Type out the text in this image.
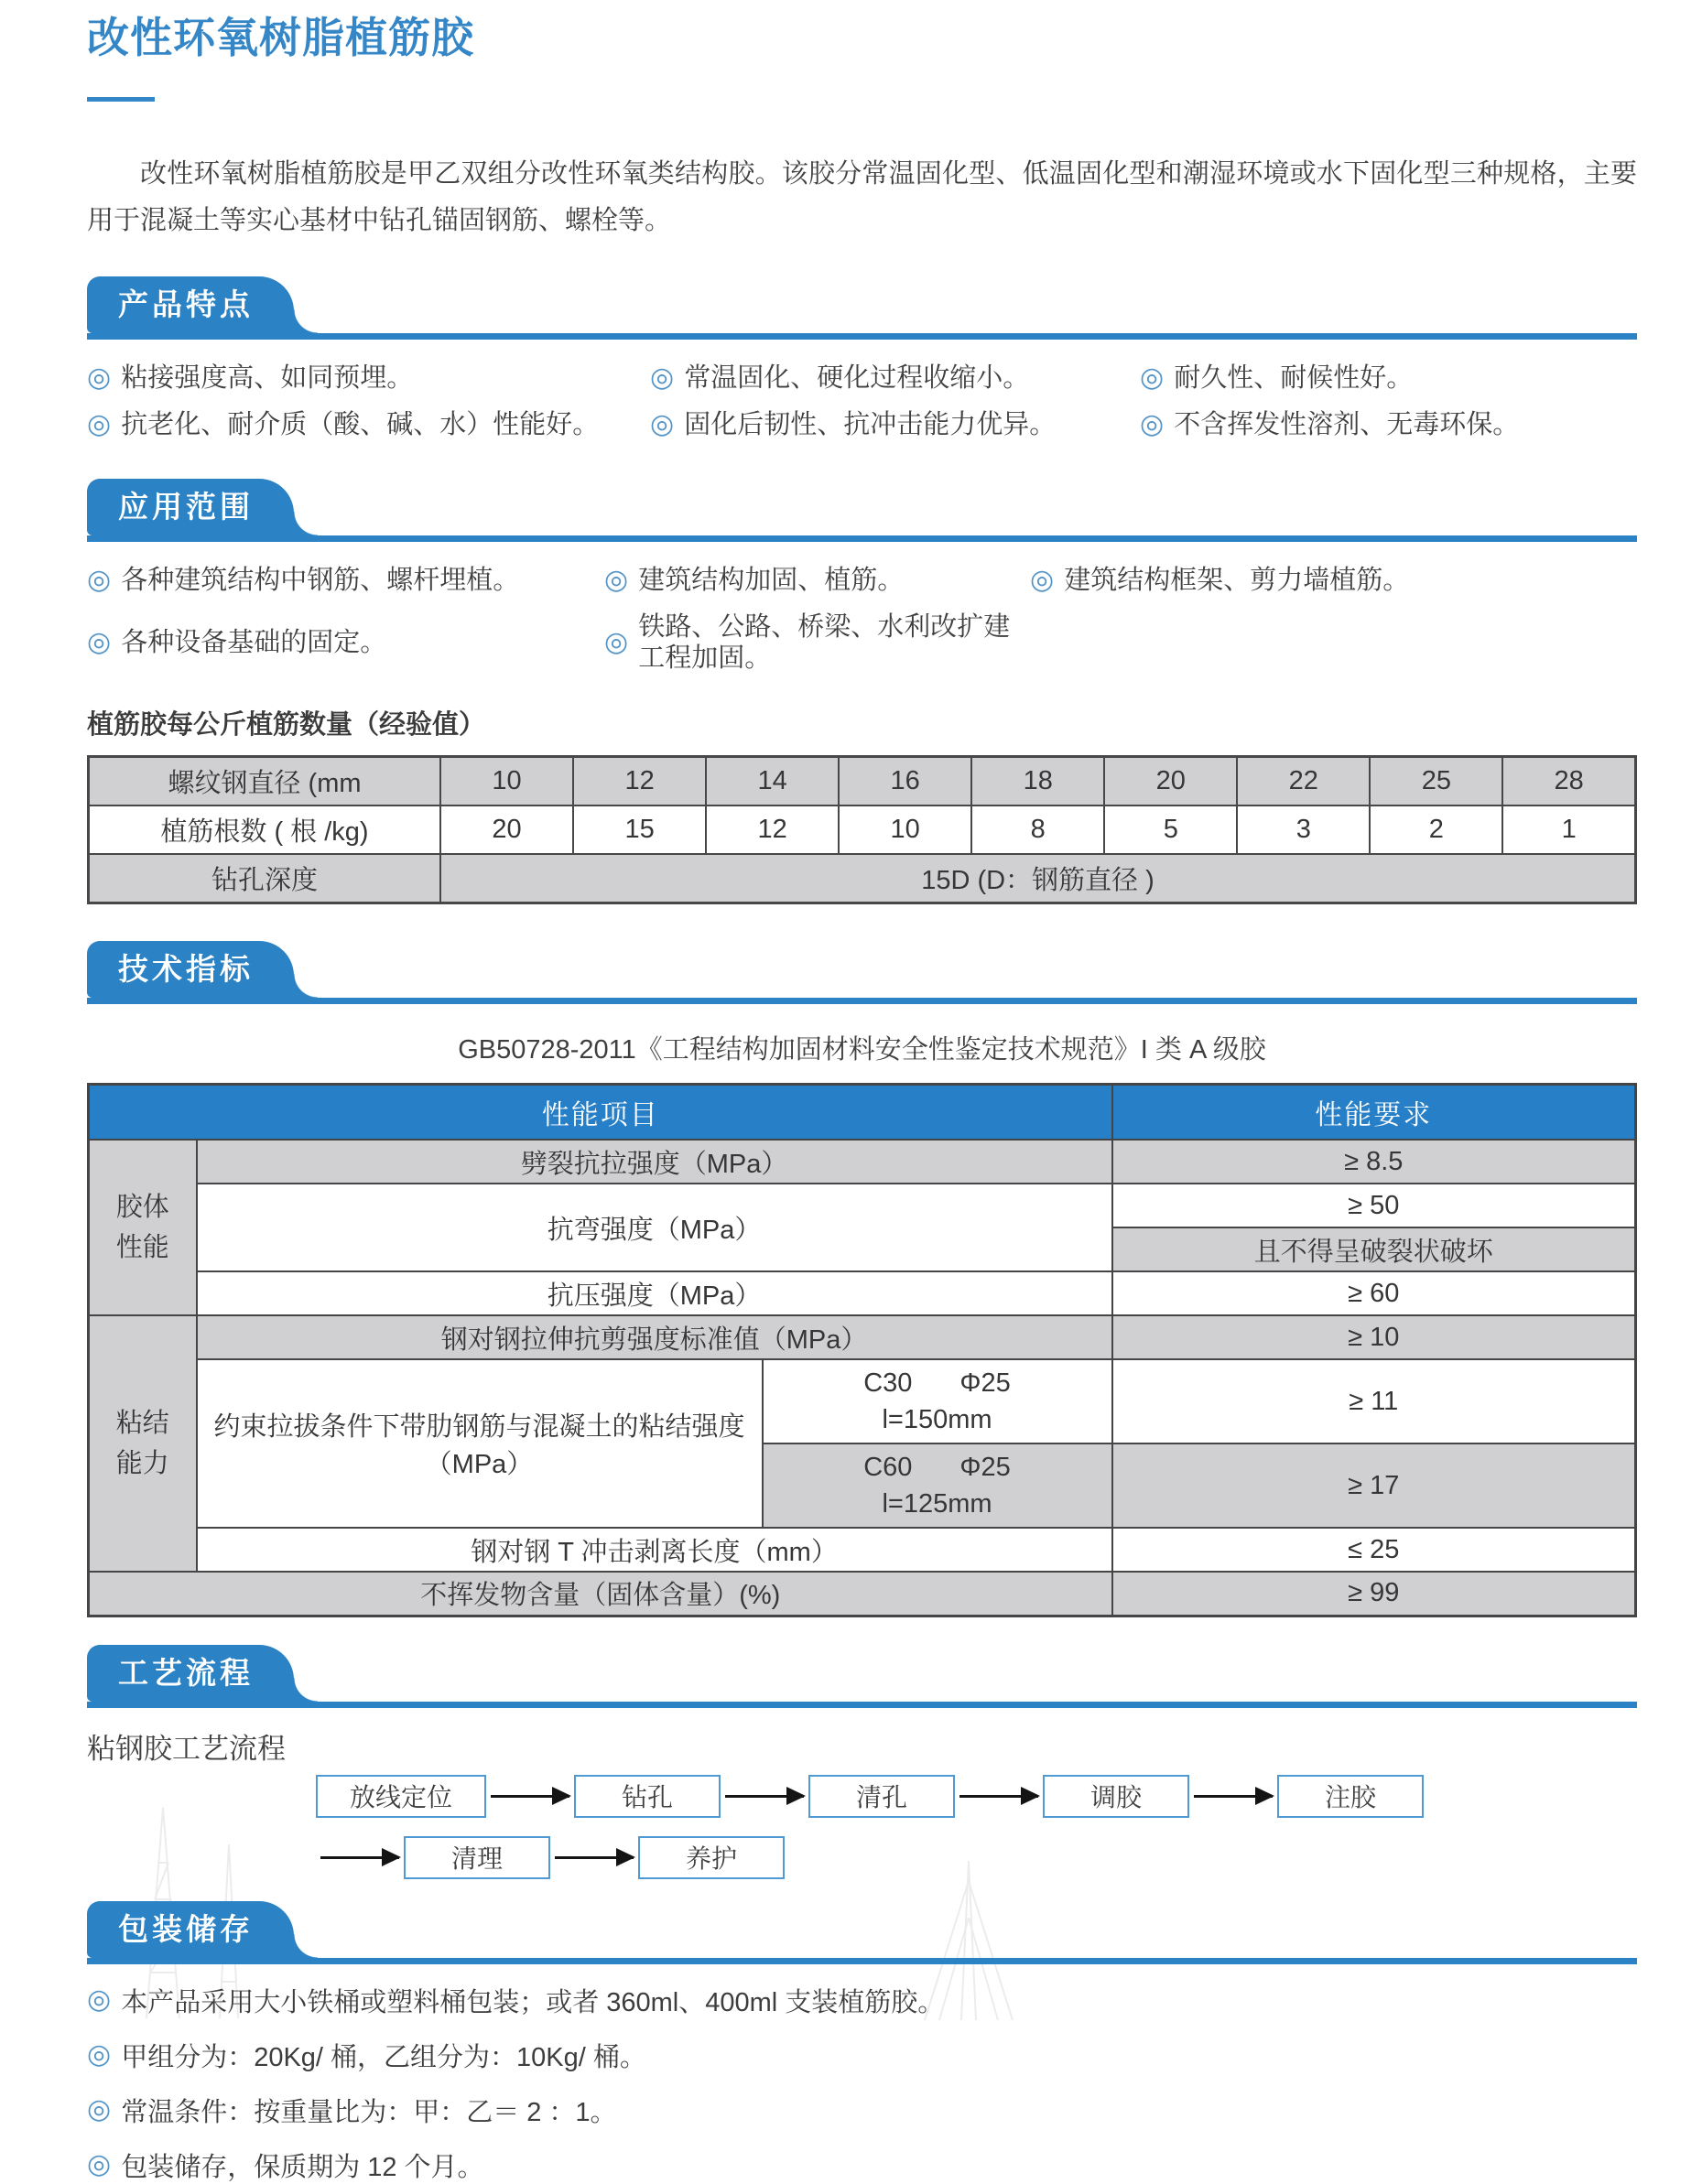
改性环氧树脂植筋胶

改性环氧树脂植筋胶是甲乙双组分改性环氧类结构胶。该胶分常温固化型、低温固化型和潮湿环境或水下固化型三种规格，主要用于混凝土等实心基材中钻孔锚固钢筋、螺栓等。

产品特点
◎ 粘接强度高、如同预埋。	◎ 常温固化、硬化过程收缩小。	◎ 耐久性、耐候性好。
◎ 抗老化、耐介质（酸、碱、水）性能好。 ◎ 固化后韧性、抗冲击能力优异。	◎ 不含挥发性溶剂、无毒环保。
应用范围
◎ 各种建筑结构中钢筋、螺杆埋植。	◎ 建筑结构加固、植筋。	◎ 建筑结构框架、剪力墙植筋。
◎ 各种设备基础的固定。	◎ 铁路、公路、桥梁、水利改扩建工程加固。
植筋胶每公斤植筋数量（经验值）
螺纹钢直径 (mm	10	12	14	16	18	20	22	25	28
植筋根数 ( 根 /kg)	20	15	12	10	8	5	3	2	1
钻孔深度	15D (D：钢筋直径 )								
技术指标
GB50728-2011《工程结构加固材料安全性鉴定技术规范》I 类 A 级胶
性能项目			性能要求
胶体性能	劈裂抗拉强度（MPa）		≥ 8.5
	抗弯强度（MPa）		≥ 50
			且不得呈破裂状破坏
	抗压强度（MPa）		≥ 60
粘结能力	钢对钢拉伸抗剪强度标准值（MPa）		≥ 10
	约束拉拔条件下带肋钢筋与混凝土的粘结强度（MPa）	C30 Φ25
l=150mm	≥ 11

		C60 Φ25
l=125mm	≥ 17
	钢对钢 T 冲击剥离长度（mm）		≤ 25
不挥发物含量（固体含量）(%)			≥ 99
工艺流程
粘钢胶工艺流程
放线定位	钻孔	清孔	调胶	注胶
清理	养护
包装储存
◎ 本产品采用大小铁桶或塑料桶包装；或者 360ml、400ml 支装植筋胶。
◎ 甲组分为：20Kg/ 桶，乙组分为：10Kg/ 桶。
◎ 常温条件：按重量比为：甲：乙＝ 2 ：1。
◎ 包装储存，保质期为 12 个月。
